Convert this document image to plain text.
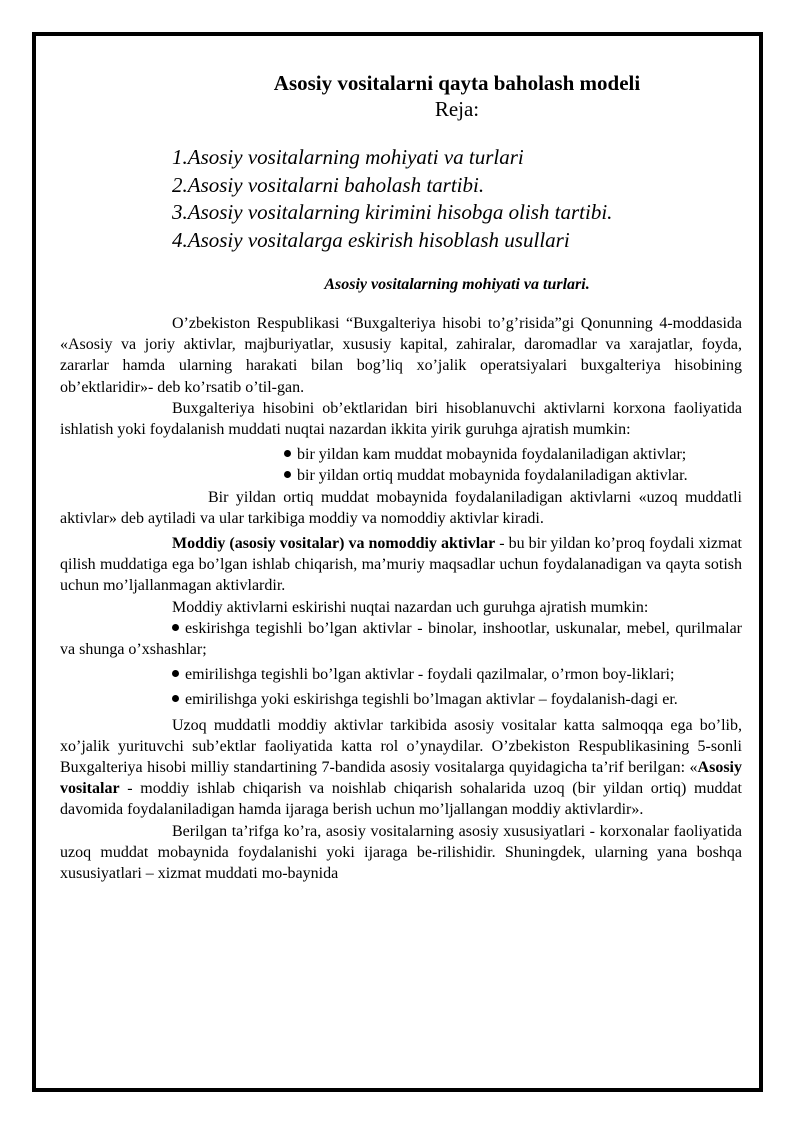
Asosiy vositalarni qayta baholash modeli
Reja:
1.Asosiy vositalarning mohiyati va turlari
2.Asosiy vositalarni baholash tartibi.
3.Asosiy vositalarning kirimini hisobga olish tartibi.
4.Asosiy vositalarga eskirish hisoblash usullari
Asosiy vositalarning mohiyati va turlari.

O’zbekiston Respublikasi “Buxgalteriya hisobi to’g’risida”gi Qonunning 4-moddasida «Asosiy va joriy aktivlar, majburiyatlar, xususiy kapital, zahiralar, daromadlar va xarajatlar, foyda, zararlar hamda ularning harakati bilan bog’liq xo’jalik operatsiyalari buxgalteriya hisobining ob’ektlaridir»- deb ko’rsatib o’til-gan.

Buxgalteriya hisobini ob’ektlaridan biri hisoblanuvchi aktivlarni korxona faoliyatida ishlatish yoki foydalanish muddati nuqtai nazardan ikkita yirik guruhga ajratish mumkin:

bir yildan kam muddat mobaynida foydalaniladigan aktivlar;

bir yildan ortiq muddat mobaynida foydalaniladigan aktivlar.

Bir yildan ortiq muddat mobaynida foydalaniladigan aktivlarni «uzoq muddatli aktivlar» deb aytiladi va ular tarkibiga moddiy va nomoddiy aktivlar kiradi.

Moddiy (asosiy vositalar) va nomoddiy aktivlar - bu bir yildan ko’proq foydali xizmat qilish muddatiga ega bo’lgan ishlab chiqarish, ma’muriy maqsadlar uchun foydalanadigan va qayta sotish uchun mo’ljallanmagan aktivlardir.

Moddiy aktivlarni eskirishi nuqtai nazardan uch guruhga ajratish mumkin:

eskirishga tegishli bo’lgan aktivlar - binolar, inshootlar, uskunalar, mebel, qurilmalar va shunga o’xshashlar;

emirilishga tegishli bo’lgan aktivlar - foydali qazilmalar, o’rmon boy-liklari;

emirilishga yoki eskirishga tegishli bo’lmagan aktivlar – foydalanish-dagi er.

Uzoq muddatli moddiy aktivlar tarkibida asosiy vositalar katta salmoqqa ega bo’lib, xo’jalik yurituvchi sub’ektlar faoliyatida katta rol o’ynaydilar. O’zbekiston Respublikasining 5-sonli Buxgalteriya hisobi milliy standartining 7-bandida asosiy vositalarga quyidagicha ta’rif berilgan: «Asosiy vositalar - moddiy ishlab chiqarish va noishlab chiqarish sohalarida uzoq (bir yildan ortiq) muddat davomida foydalaniladigan hamda ijaraga berish uchun mo’ljallangan moddiy aktivlardir».

Berilgan ta’rifga ko’ra, asosiy vositalarning asosiy xususiyatlari - korxonalar faoliyatida uzoq muddat mobaynida foydalanishi yoki ijaraga be-rilishidir. Shuningdek, ularning yana boshqa xususiyatlari – xizmat muddati mo-baynida
